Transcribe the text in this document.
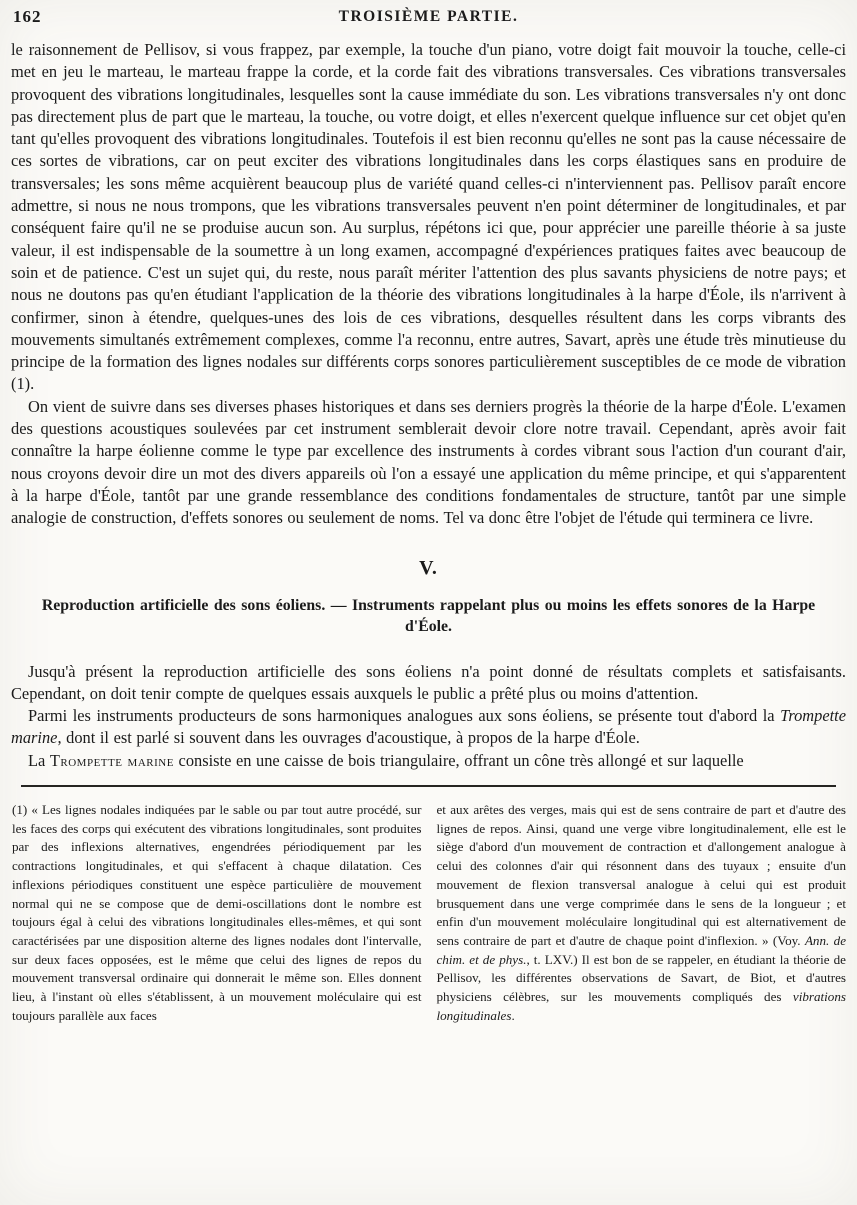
162	TROISIÈME PARTIE.

le raisonnement de Pellisov, si vous frappez, par exemple, la touche d'un piano, votre doigt fait mouvoir la touche, celle-ci met en jeu le marteau, le marteau frappe la corde, et la corde fait des vibrations transversales. Ces vibrations transversales provoquent des vibrations longitudinales, lesquelles sont la cause immédiate du son. Les vibrations transversales n'y ont donc pas directement plus de part que le marteau, la touche, ou votre doigt, et elles n'exercent quelque influence sur cet objet qu'en tant qu'elles provoquent des vibrations longitudinales. Toutefois il est bien reconnu qu'elles ne sont pas la cause nécessaire de ces sortes de vibrations, car on peut exciter des vibrations longitudinales dans les corps élastiques sans en produire de transversales; les sons même acquièrent beaucoup plus de variété quand celles-ci n'interviennent pas. Pellisov paraît encore admettre, si nous ne nous trompons, que les vibrations transversales peuvent n'en point déterminer de longitudinales, et par conséquent faire qu'il ne se produise aucun son. Au surplus, répétons ici que, pour apprécier une pareille théorie à sa juste valeur, il est indispensable de la soumettre à un long examen, accompagné d'expériences pratiques faites avec beaucoup de soin et de patience. C'est un sujet qui, du reste, nous paraît mériter l'attention des plus savants physiciens de notre pays; et nous ne doutons pas qu'en étudiant l'application de la théorie des vibrations longitudinales à la harpe d'Éole, ils n'arrivent à confirmer, sinon à étendre, quelques-unes des lois de ces vibrations, desquelles résultent dans les corps vibrants des mouvements simultanés extrêmement complexes, comme l'a reconnu, entre autres, Savart, après une étude très minutieuse du principe de la formation des lignes nodales sur différents corps sonores particulièrement susceptibles de ce mode de vibration (1).

On vient de suivre dans ses diverses phases historiques et dans ses derniers progrès la théorie de la harpe d'Éole. L'examen des questions acoustiques soulevées par cet instrument semblerait devoir clore notre travail. Cependant, après avoir fait connaître la harpe éolienne comme le type par excellence des instruments à cordes vibrant sous l'action d'un courant d'air, nous croyons devoir dire un mot des divers appareils où l'on a essayé une application du même principe, et qui s'apparentent à la harpe d'Éole, tantôt par une grande ressemblance des conditions fondamentales de structure, tantôt par une simple analogie de construction, d'effets sonores ou seulement de noms. Tel va donc être l'objet de l'étude qui terminera ce livre.

V.
Reproduction artificielle des sons éoliens. — Instruments rappelant plus ou moins les effets sonores de la Harpe d'Éole.

Jusqu'à présent la reproduction artificielle des sons éoliens n'a point donné de résultats complets et satisfaisants. Cependant, on doit tenir compte de quelques essais auxquels le public a prêté plus ou moins d'attention.

Parmi les instruments producteurs de sons harmoniques analogues aux sons éoliens, se présente tout d'abord la Trompette marine, dont il est parlé si souvent dans les ouvrages d'acoustique, à propos de la harpe d'Éole.

La Trompette marine consiste en une caisse de bois triangulaire, offrant un cône très allongé et sur laquelle

(1) « Les lignes nodales indiquées par le sable ou par tout autre procédé, sur les faces des corps qui exécutent des vibrations longitudinales, sont produites par des inflexions alternatives, engendrées périodiquement par les contractions longitudinales, et qui s'effacent à chaque dilatation. Ces inflexions périodiques constituent une espèce particulière de mouvement normal qui ne se compose que de demi-oscillations dont le nombre est toujours égal à celui des vibrations longitudinales elles-mêmes, et qui sont caractérisées par une disposition alterne des lignes nodales dont l'intervalle, sur deux faces opposées, est le même que celui des lignes de repos du mouvement transversal ordinaire qui donnerait le même son. Elles donnent lieu, à l'instant où elles s'établissent, à un mouvement moléculaire qui est toujours parallèle aux faces
et aux arêtes des verges, mais qui est de sens contraire de part et d'autre des lignes de repos. Ainsi, quand une verge vibre longitudinalement, elle est le siège d'abord d'un mouvement de contraction et d'allongement analogue à celui des colonnes d'air qui résonnent dans des tuyaux ; ensuite d'un mouvement de flexion transversal analogue à celui qui est produit brusquement dans une verge comprimée dans le sens de la longueur ; et enfin d'un mouvement moléculaire longitudinal qui est alternativement de sens contraire de part et d'autre de chaque point d'inflexion. » (Voy. Ann. de chim. et de phys., t. LXV.) Il est bon de se rappeler, en étudiant la théorie de Pellisov, les différentes observations de Savart, de Biot, et d'autres physiciens célèbres, sur les mouvements compliqués des vibrations longitudinales.
